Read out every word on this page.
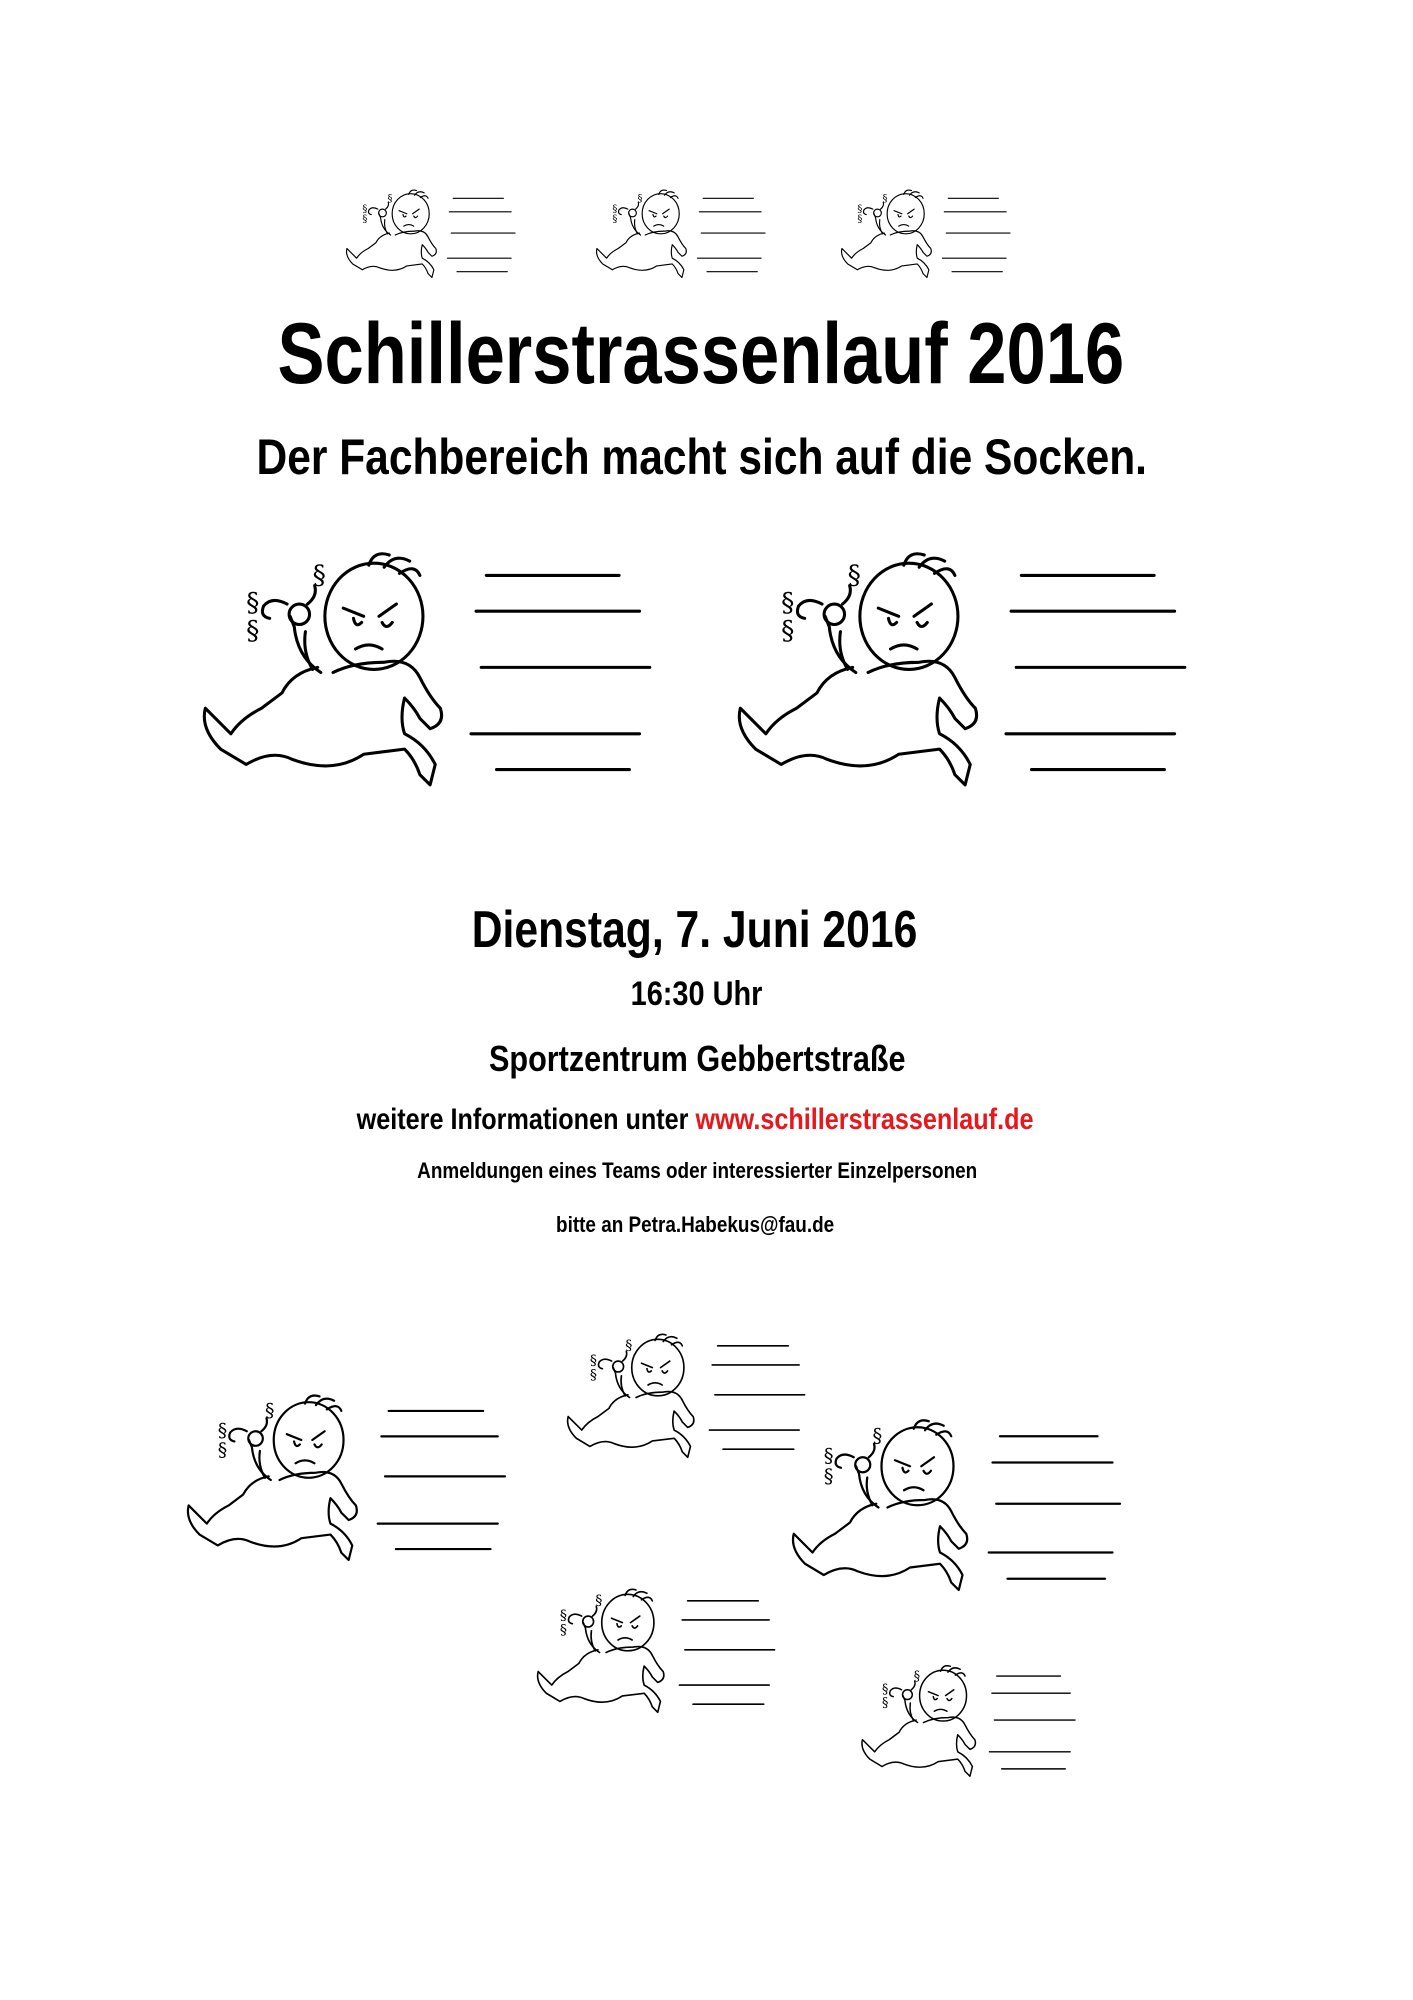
Schillerstrassenlauf 2016
Der Fachbereich macht sich auf die Socken.
Dienstag, 7. Juni 2016
16:30 Uhr
Sportzentrum Gebbertstraße
weitere Informationen unter www.schillerstrassenlauf.de
Anmeldungen eines Teams oder interessierter Einzelpersonen
bitte an Petra.Habekus@fau.de
